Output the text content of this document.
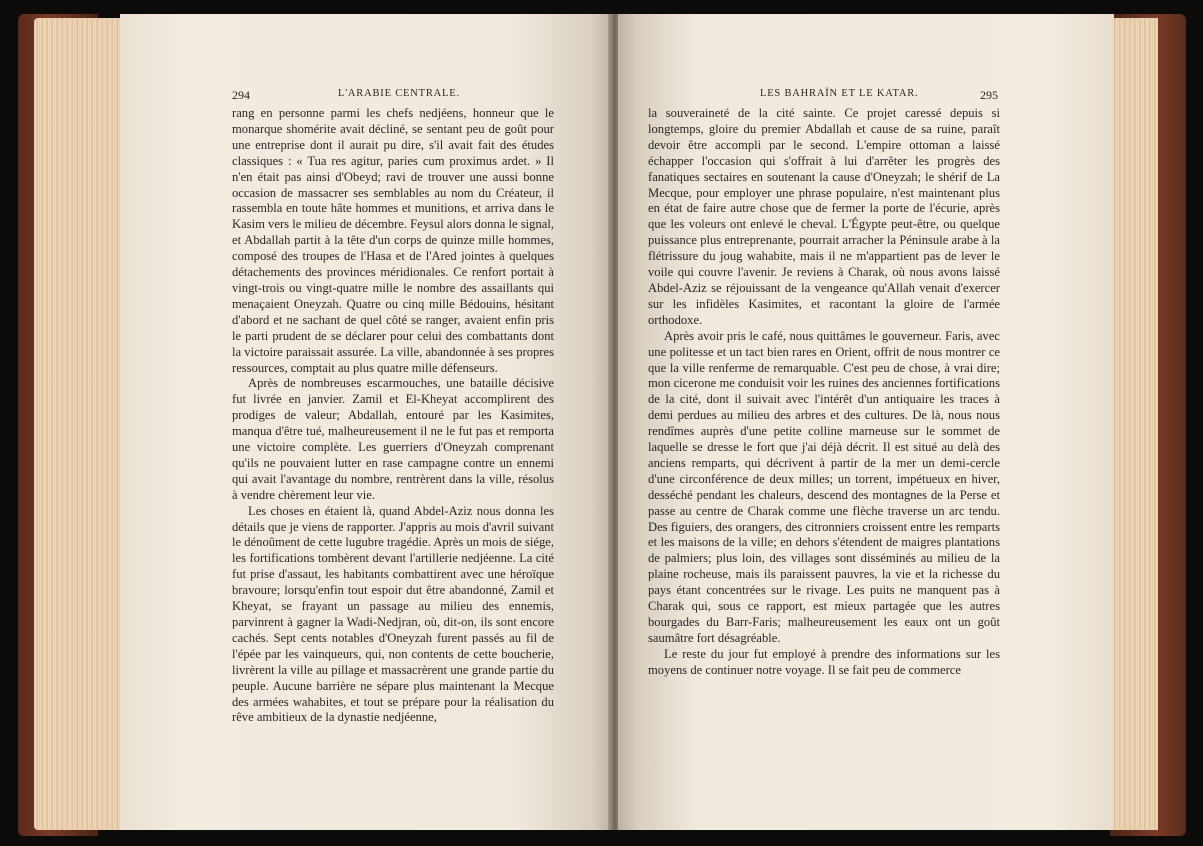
294	L'ARABIE CENTRALE.

rang en personne parmi les chefs nedjéens, honneur que le monarque shomérite avait décliné, se sentant peu de goût pour une entreprise dont il aurait pu dire, s'il avait fait des études classiques : « Tua res agitur, paries cum proximus ardet. » Il n'en était pas ainsi d'Obeyd; ravi de trouver une aussi bonne occasion de massacrer ses semblables au nom du Créateur, il rassembla en toute hâte hommes et munitions, et arriva dans le Kasim vers le milieu de décembre. Feysul alors donna le signal, et Abdallah partit à la tête d'un corps de quinze mille hommes, composé des troupes de l'Hasa et de l'Ared jointes à quelques détachements des provinces méridionales. Ce renfort portait à vingt-trois ou vingt-quatre mille le nombre des assaillants qui menaçaient Oneyzah. Quatre ou cinq mille Bédouins, hésitant d'abord et ne sachant de quel côté se ranger, avaient enfin pris le parti prudent de se déclarer pour celui des combattants dont la victoire paraissait assurée. La ville, abandonnée à ses propres ressources, comptait au plus quatre mille défenseurs.

Après de nombreuses escarmouches, une bataille décisive fut livrée en janvier. Zamil et El-Kheyat accomplirent des prodiges de valeur; Abdallah, entouré par les Kasimites, manqua d'être tué, malheureusement il ne le fut pas et remporta une victoire complète. Les guerriers d'Oneyzah comprenant qu'ils ne pouvaient lutter en rase campagne contre un ennemi qui avait l'avantage du nombre, rentrèrent dans la ville, résolus à vendre chèrement leur vie.

Les choses en étaient là, quand Abdel-Aziz nous donna les détails que je viens de rapporter. J'appris au mois d'avril suivant le dénoûment de cette lugubre tragédie. Après un mois de siége, les fortifications tombèrent devant l'artillerie nedjéenne. La cité fut prise d'assaut, les habitants combattirent avec une héroïque bravoure; lorsqu'enfin tout espoir dut être abandonné, Zamil et Kheyat, se frayant un passage au milieu des ennemis, parvinrent à gagner la Wadi-Nedjran, où, dit-on, ils sont encore cachés. Sept cents notables d'Oneyzah furent passés au fil de l'épée par les vainqueurs, qui, non contents de cette boucherie, livrèrent la ville au pillage et massacrèrent une grande partie du peuple. Aucune barrière ne sépare plus maintenant la Mecque des armées wahabites, et tout se prépare pour la réalisation du rêve ambitieux de la dynastie nedjéenne,

LES BAHRAÏN ET LE KATAR.	295

la souveraineté de la cité sainte. Ce projet caressé depuis si longtemps, gloire du premier Abdallah et cause de sa ruine, paraît devoir être accompli par le second. L'empire ottoman a laissé échapper l'occasion qui s'offrait à lui d'arrêter les progrès des fanatiques sectaires en soutenant la cause d'Oneyzah; le shérif de La Mecque, pour employer une phrase populaire, n'est maintenant plus en état de faire autre chose que de fermer la porte de l'écurie, après que les voleurs ont enlevé le cheval. L'Égypte peut-être, ou quelque puissance plus entreprenante, pourrait arracher la Péninsule arabe à la flétrissure du joug wahabite, mais il ne m'appartient pas de lever le voile qui couvre l'avenir. Je reviens à Charak, où nous avons laissé Abdel-Aziz se réjouissant de la vengeance qu'Allah venait d'exercer sur les infidèles Kasimites, et racontant la gloire de l'armée orthodoxe.

Après avoir pris le café, nous quittâmes le gouverneur. Faris, avec une politesse et un tact bien rares en Orient, offrit de nous montrer ce que la ville renferme de remarquable. C'est peu de chose, à vrai dire; mon cicerone me conduisit voir les ruines des anciennes fortifications de la cité, dont il suivait avec l'intérêt d'un antiquaire les traces à demi perdues au milieu des arbres et des cultures. De là, nous nous rendîmes auprès d'une petite colline marneuse sur le sommet de laquelle se dresse le fort que j'ai déjà décrit. Il est situé au delà des anciens remparts, qui décrivent à partir de la mer un demi-cercle d'une circonférence de deux milles; un torrent, impétueux en hiver, desséché pendant les chaleurs, descend des montagnes de la Perse et passe au centre de Charak comme une flèche traverse un arc tendu. Des figuiers, des orangers, des citronniers croissent entre les remparts et les maisons de la ville; en dehors s'étendent de maigres plantations de palmiers; plus loin, des villages sont disséminés au milieu de la plaine rocheuse, mais ils paraissent pauvres, la vie et la richesse du pays étant concentrées sur le rivage. Les puits ne manquent pas à Charak qui, sous ce rapport, est mieux partagée que les autres bourgades du Barr-Faris; malheureusement les eaux ont un goût saumâtre fort désagréable.

Le reste du jour fut employé à prendre des informations sur les moyens de continuer notre voyage. Il se fait peu de commerce
